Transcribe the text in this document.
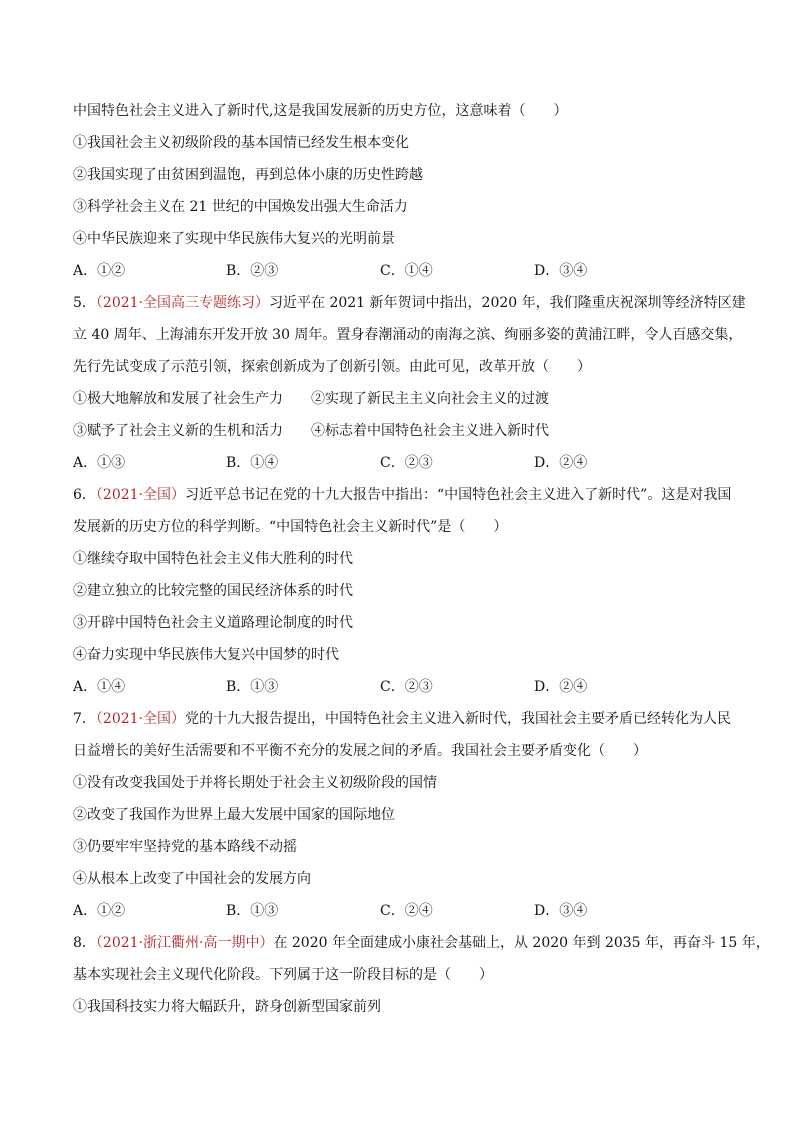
中国特色社会主义进入了新时代,这是我国发展新的历史方位，这意味着（　　）
①我国社会主义初级阶段的基本国情已经发生根本变化
②我国实现了由贫困到温饱，再到总体小康的历史性跨越
③科学社会主义在 21 世纪的中国焕发出强大生命活力
④中华民族迎来了实现中华民族伟大复兴的光明前景
A．①②	B．②③	C．①④	D．③④
5．（2021·全国高三专题练习）习近平在 2021 新年贺词中指出，2020 年，我们隆重庆祝深圳等经济特区建
立 40 周年、上海浦东开发开放 30 周年。置身春潮涌动的南海之滨、绚丽多姿的黄浦江畔，令人百感交集，
先行先试变成了示范引领，探索创新成为了创新引领。由此可见，改革开放（　　）
①极大地解放和发展了社会生产力 ②实现了新民主主义向社会主义的过渡
③赋予了社会主义新的生机和活力 ④标志着中国特色社会主义进入新时代
A．①③	B．①④	C．②③	D．②④
6．（2021·全国）习近平总书记在党的十九大报告中指出：“中国特色社会主义进入了新时代”。这是对我国
发展新的历史方位的科学判断。“中国特色社会主义新时代”是（　　）
①继续夺取中国特色社会主义伟大胜利的时代
②建立独立的比较完整的国民经济体系的时代
③开辟中国特色社会主义道路理论制度的时代
④奋力实现中华民族伟大复兴中国梦的时代
A．①④	B．①③	C．②③	D．②④
7．（2021·全国）党的十九大报告提出，中国特色社会主义进入新时代，我国社会主要矛盾已经转化为人民
日益增长的美好生活需要和不平衡不充分的发展之间的矛盾。我国社会主要矛盾变化（　　）
①没有改变我国处于并将长期处于社会主义初级阶段的国情
②改变了我国作为世界上最大发展中国家的国际地位
③仍要牢牢坚持党的基本路线不动摇
④从根本上改变了中国社会的发展方向
A．①②	B．①③	C．②④	D．③④
8．（2021·浙江衢州·高一期中）在 2020 年全面建成小康社会基础上，从 2020 年到 2035 年，再奋斗 15 年，
基本实现社会主义现代化阶段。下列属于这一阶段目标的是（　　）
①我国科技实力将大幅跃升，跻身创新型国家前列
